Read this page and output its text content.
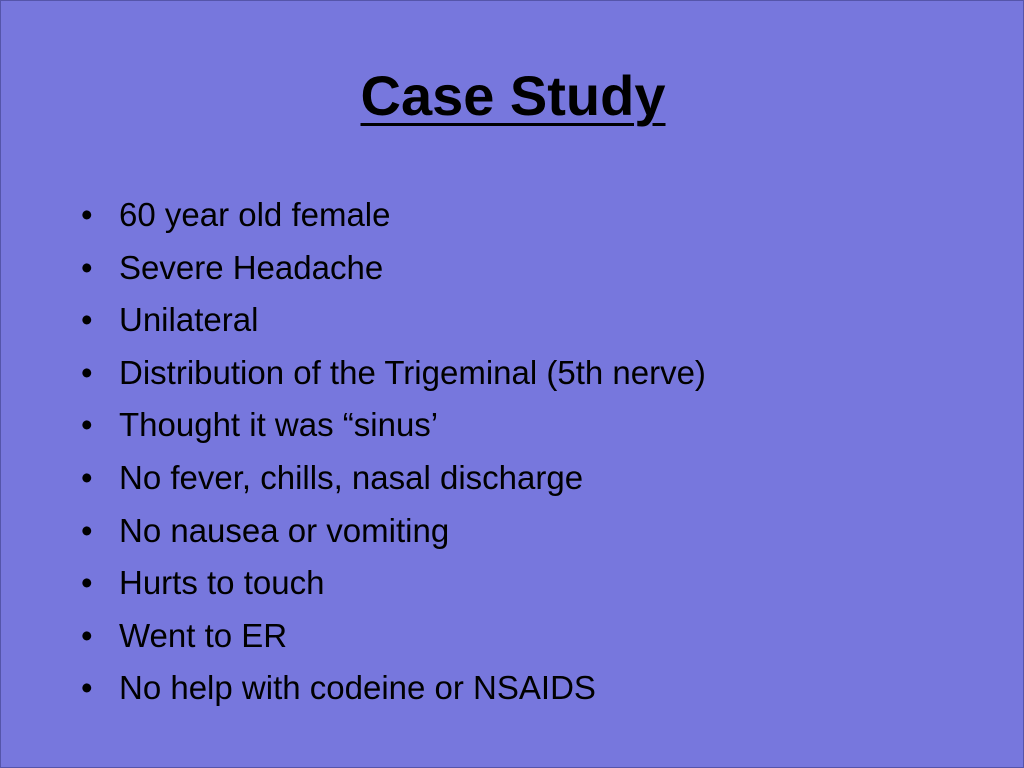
Case Study
• 60 year old female
• Severe Headache
• Unilateral
• Distribution of the Trigeminal (5th nerve)
• Thought it was “sinus’
• No fever, chills, nasal discharge
• No nausea or vomiting
• Hurts to touch
• Went to ER
• No help with codeine or NSAIDS
